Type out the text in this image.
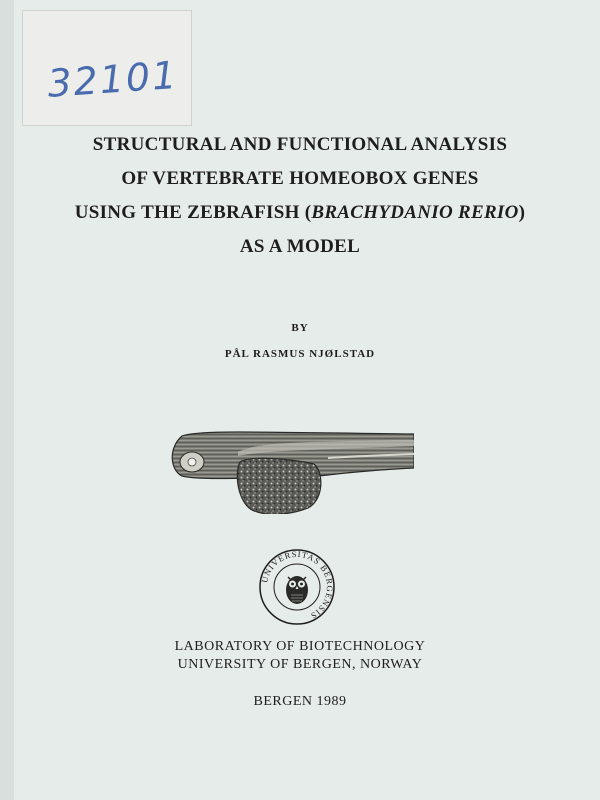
32101
STRUCTURAL AND FUNCTIONAL ANALYSIS
OF VERTEBRATE HOMEOBOX GENES
USING THE ZEBRAFISH (BRACHYDANIO RERIO)
AS A MODEL
BY
PÅL RASMUS NJØLSTAD
UNIVERSITAS BERGENSIS
LABORATORY OF BIOTECHNOLOGY
UNIVERSITY OF BERGEN, NORWAY
BERGEN 1989
